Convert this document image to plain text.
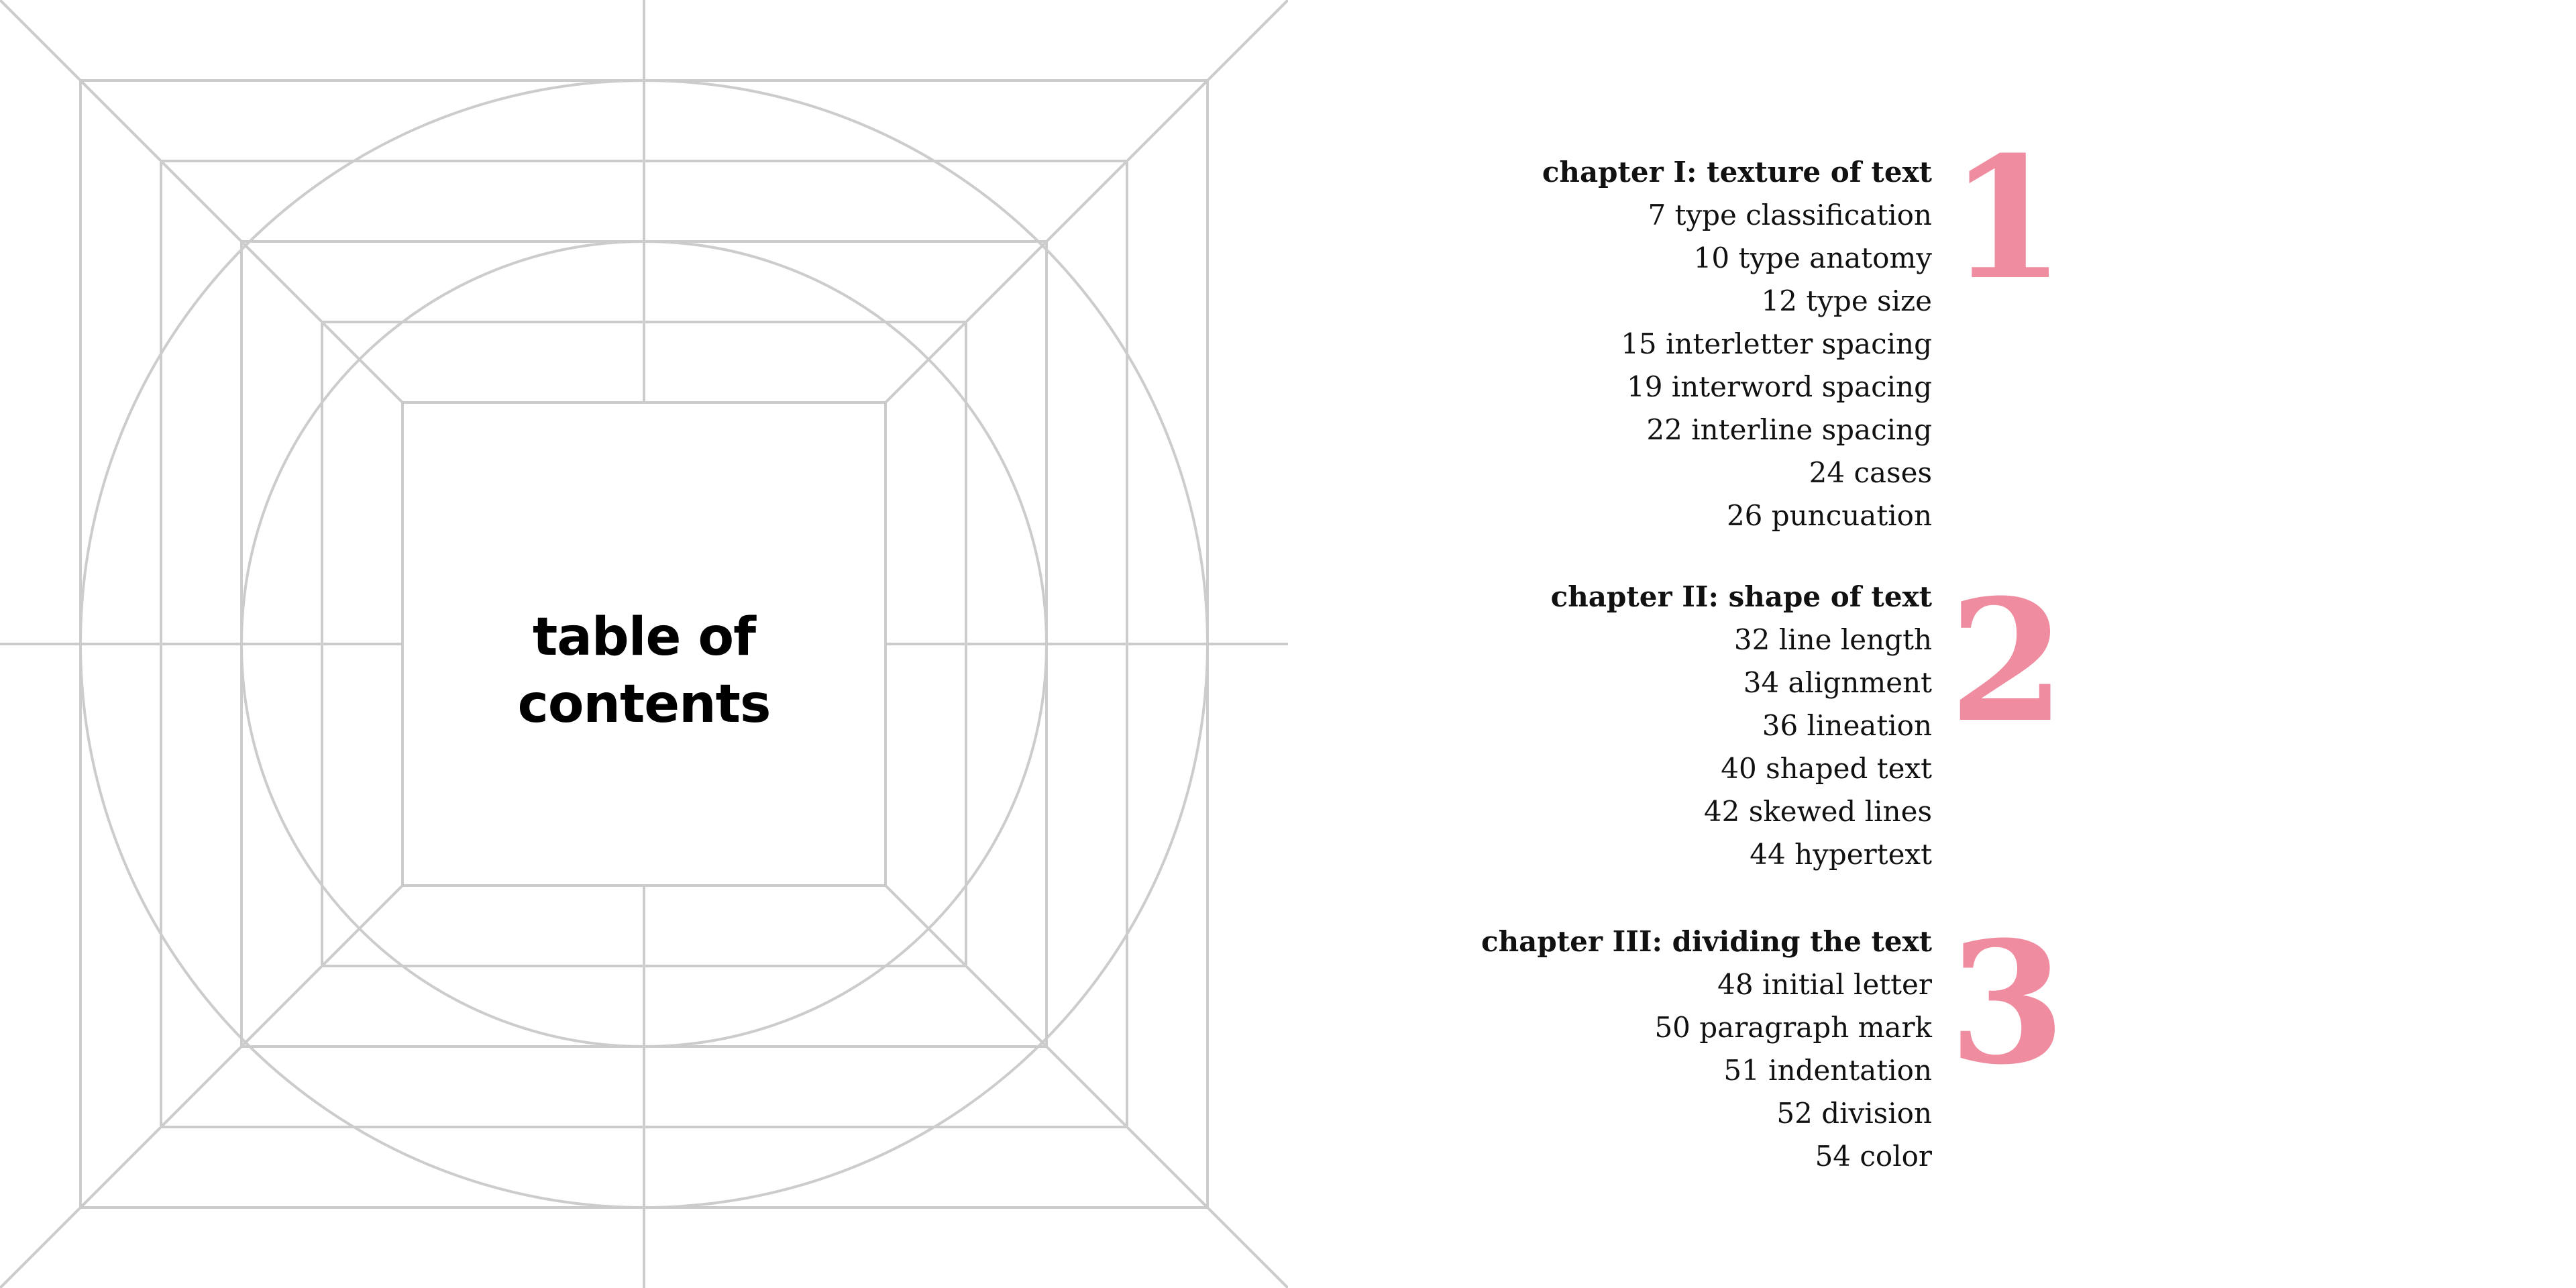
table of contents
chapter I: texture of text
7 type classification
10 type anatomy
12 type size
15 interletter spacing
19 interword spacing
22 interline spacing
24 cases
26 puncuation
1
chapter II: shape of text
32 line length
34 alignment
36 lineation
40 shaped text
42 skewed lines
44 hypertext
2
chapter III: dividing the text
48 initial letter
50 paragraph mark
51 indentation
52 division
54 color
3
